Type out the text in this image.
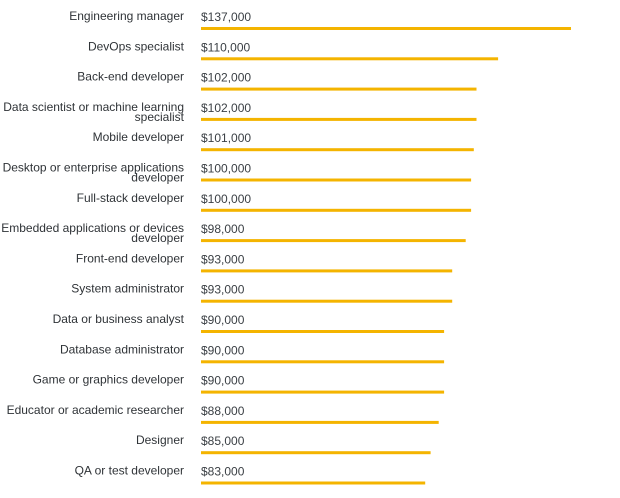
Engineering manager $137,000
DevOps specialist $110,000
Back-end developer $102,000
Data scientist or machine learning specialist
$102,000
Mobile developer $101,000
Desktop or enterprise applications developer
$100,000
Full-stack developer $100,000
Embedded applications or devices developer
$98,000
Front-end developer $93,000
System administrator $93,000
Data or business analyst $90,000
Database administrator $90,000
Game or graphics developer $90,000
Educator or academic researcher $88,000
Designer $85,000
QA or test developer $83,000
